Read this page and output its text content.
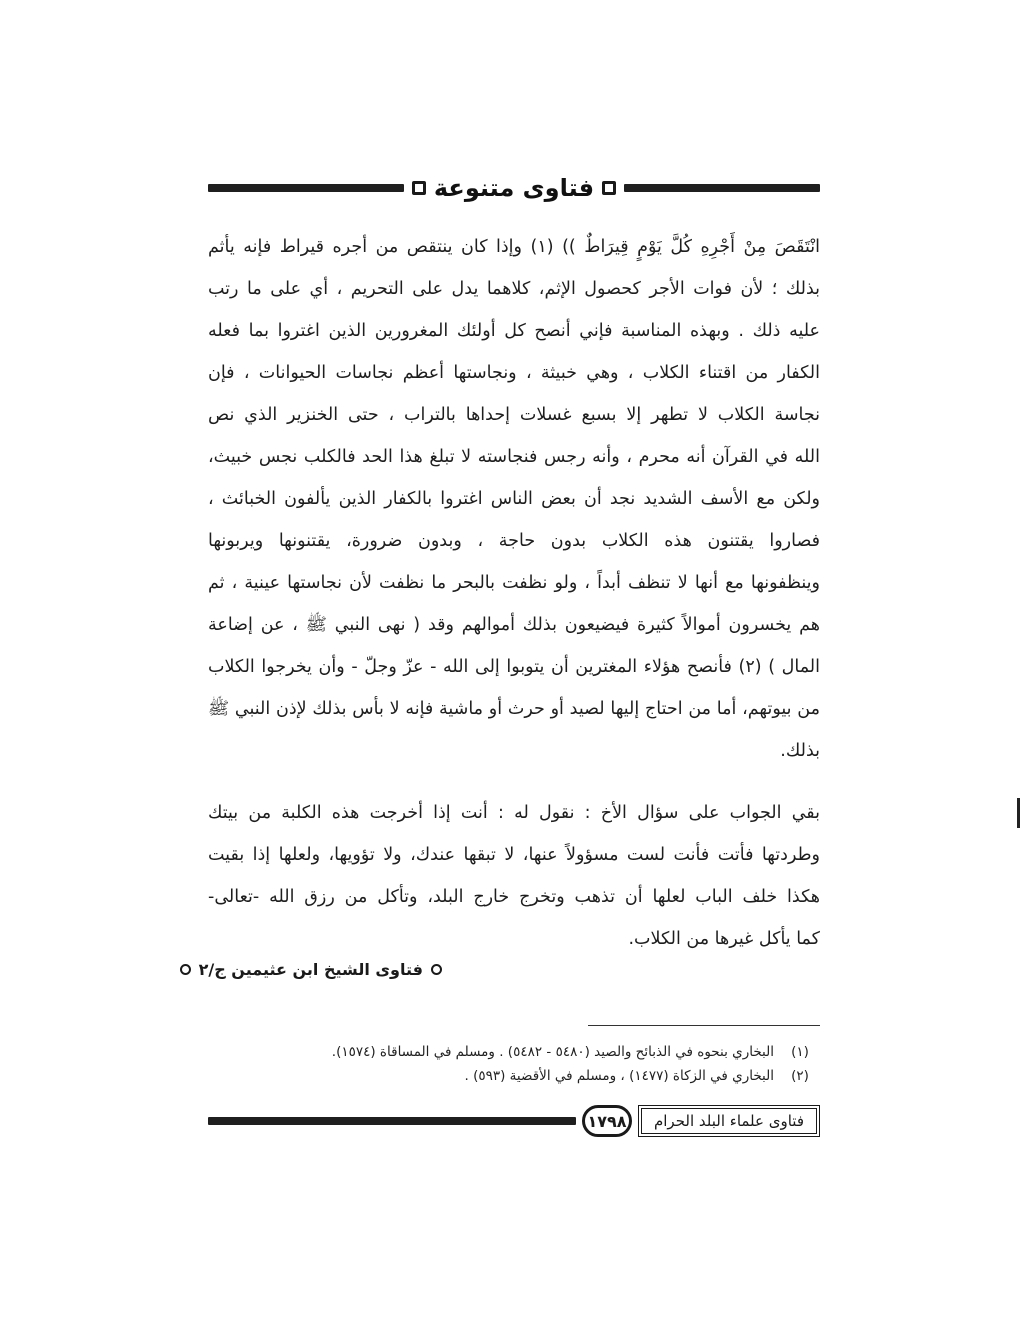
فتاوى متنوعة
انْتَقَصَ مِنْ أَجْرِهِ كُلَّ يَوْمٍ قِيرَاطٌ )) (١) وإذا كان ينتقص من أجره قيراط فإنه يأثم
بذلك ؛ لأن فوات الأجر كحصول الإثم، كلاهما يدل على التحريم ، أي على ما رتب
عليه ذلك . وبهذه المناسبة فإني أنصح كل أولئك المغرورين الذين اغتروا بما فعله
الكفار من اقتناء الكلاب ، وهي خبيثة ، ونجاستها أعظم نجاسات الحيوانات ، فإن
نجاسة الكلاب لا تطهر إلا بسبع غسلات إحداها بالتراب ، حتى الخنزير الذي نص
الله في القرآن أنه محرم ، وأنه رجس فنجاسته لا تبلغ هذا الحد فالكلب نجس خبيث،
ولكن مع الأسف الشديد نجد أن بعض الناس اغتروا بالكفار الذين يألفون الخبائث ،
فصاروا يقتنون هذه الكلاب بدون حاجة ، وبدون ضرورة، يقتنونها ويربونها
وينظفونها مع أنها لا تنظف أبداً ، ولو نظفت بالبحر ما نظفت لأن نجاستها عينية ، ثم
هم يخسرون أموالاً كثيرة فيضيعون بذلك أموالهم وقد ( نهى النبي ﷺ ، عن إضاعة
المال ) (٢) فأنصح هؤلاء المغترين أن يتوبوا إلى الله - عزّ وجلّ - وأن يخرجوا الكلاب
من بيوتهم، أما من احتاج إليها لصيد أو حرث أو ماشية فإنه لا بأس بذلك لإذن النبي ﷺ
بذلك.
بقي الجواب على سؤال الأخ : نقول له : أنت إذا أخرجت هذه الكلبة من بيتك
وطردتها فأتت فأنت لست مسؤولاً عنها، لا تبقها عندك، ولا تؤويها، ولعلها إذا بقيت
هكذا خلف الباب لعلها أن تذهب وتخرج خارج البلد، وتأكل من رزق الله -تعالى-
كما يأكل غيرها من الكلاب.
فتاوى الشيخ ابن عثيمين ج/٢
(١)
البخاري بنحوه في الذبائح والصيد (٥٤٨٠ - ٥٤٨٢) . ومسلم في المساقاة (١٥٧٤).
(٢)
البخاري في الزكاة (١٤٧٧) ، ومسلم في الأقضية (٥٩٣) .
١٧٩٨	فتاوى علماء البلد الحرام
